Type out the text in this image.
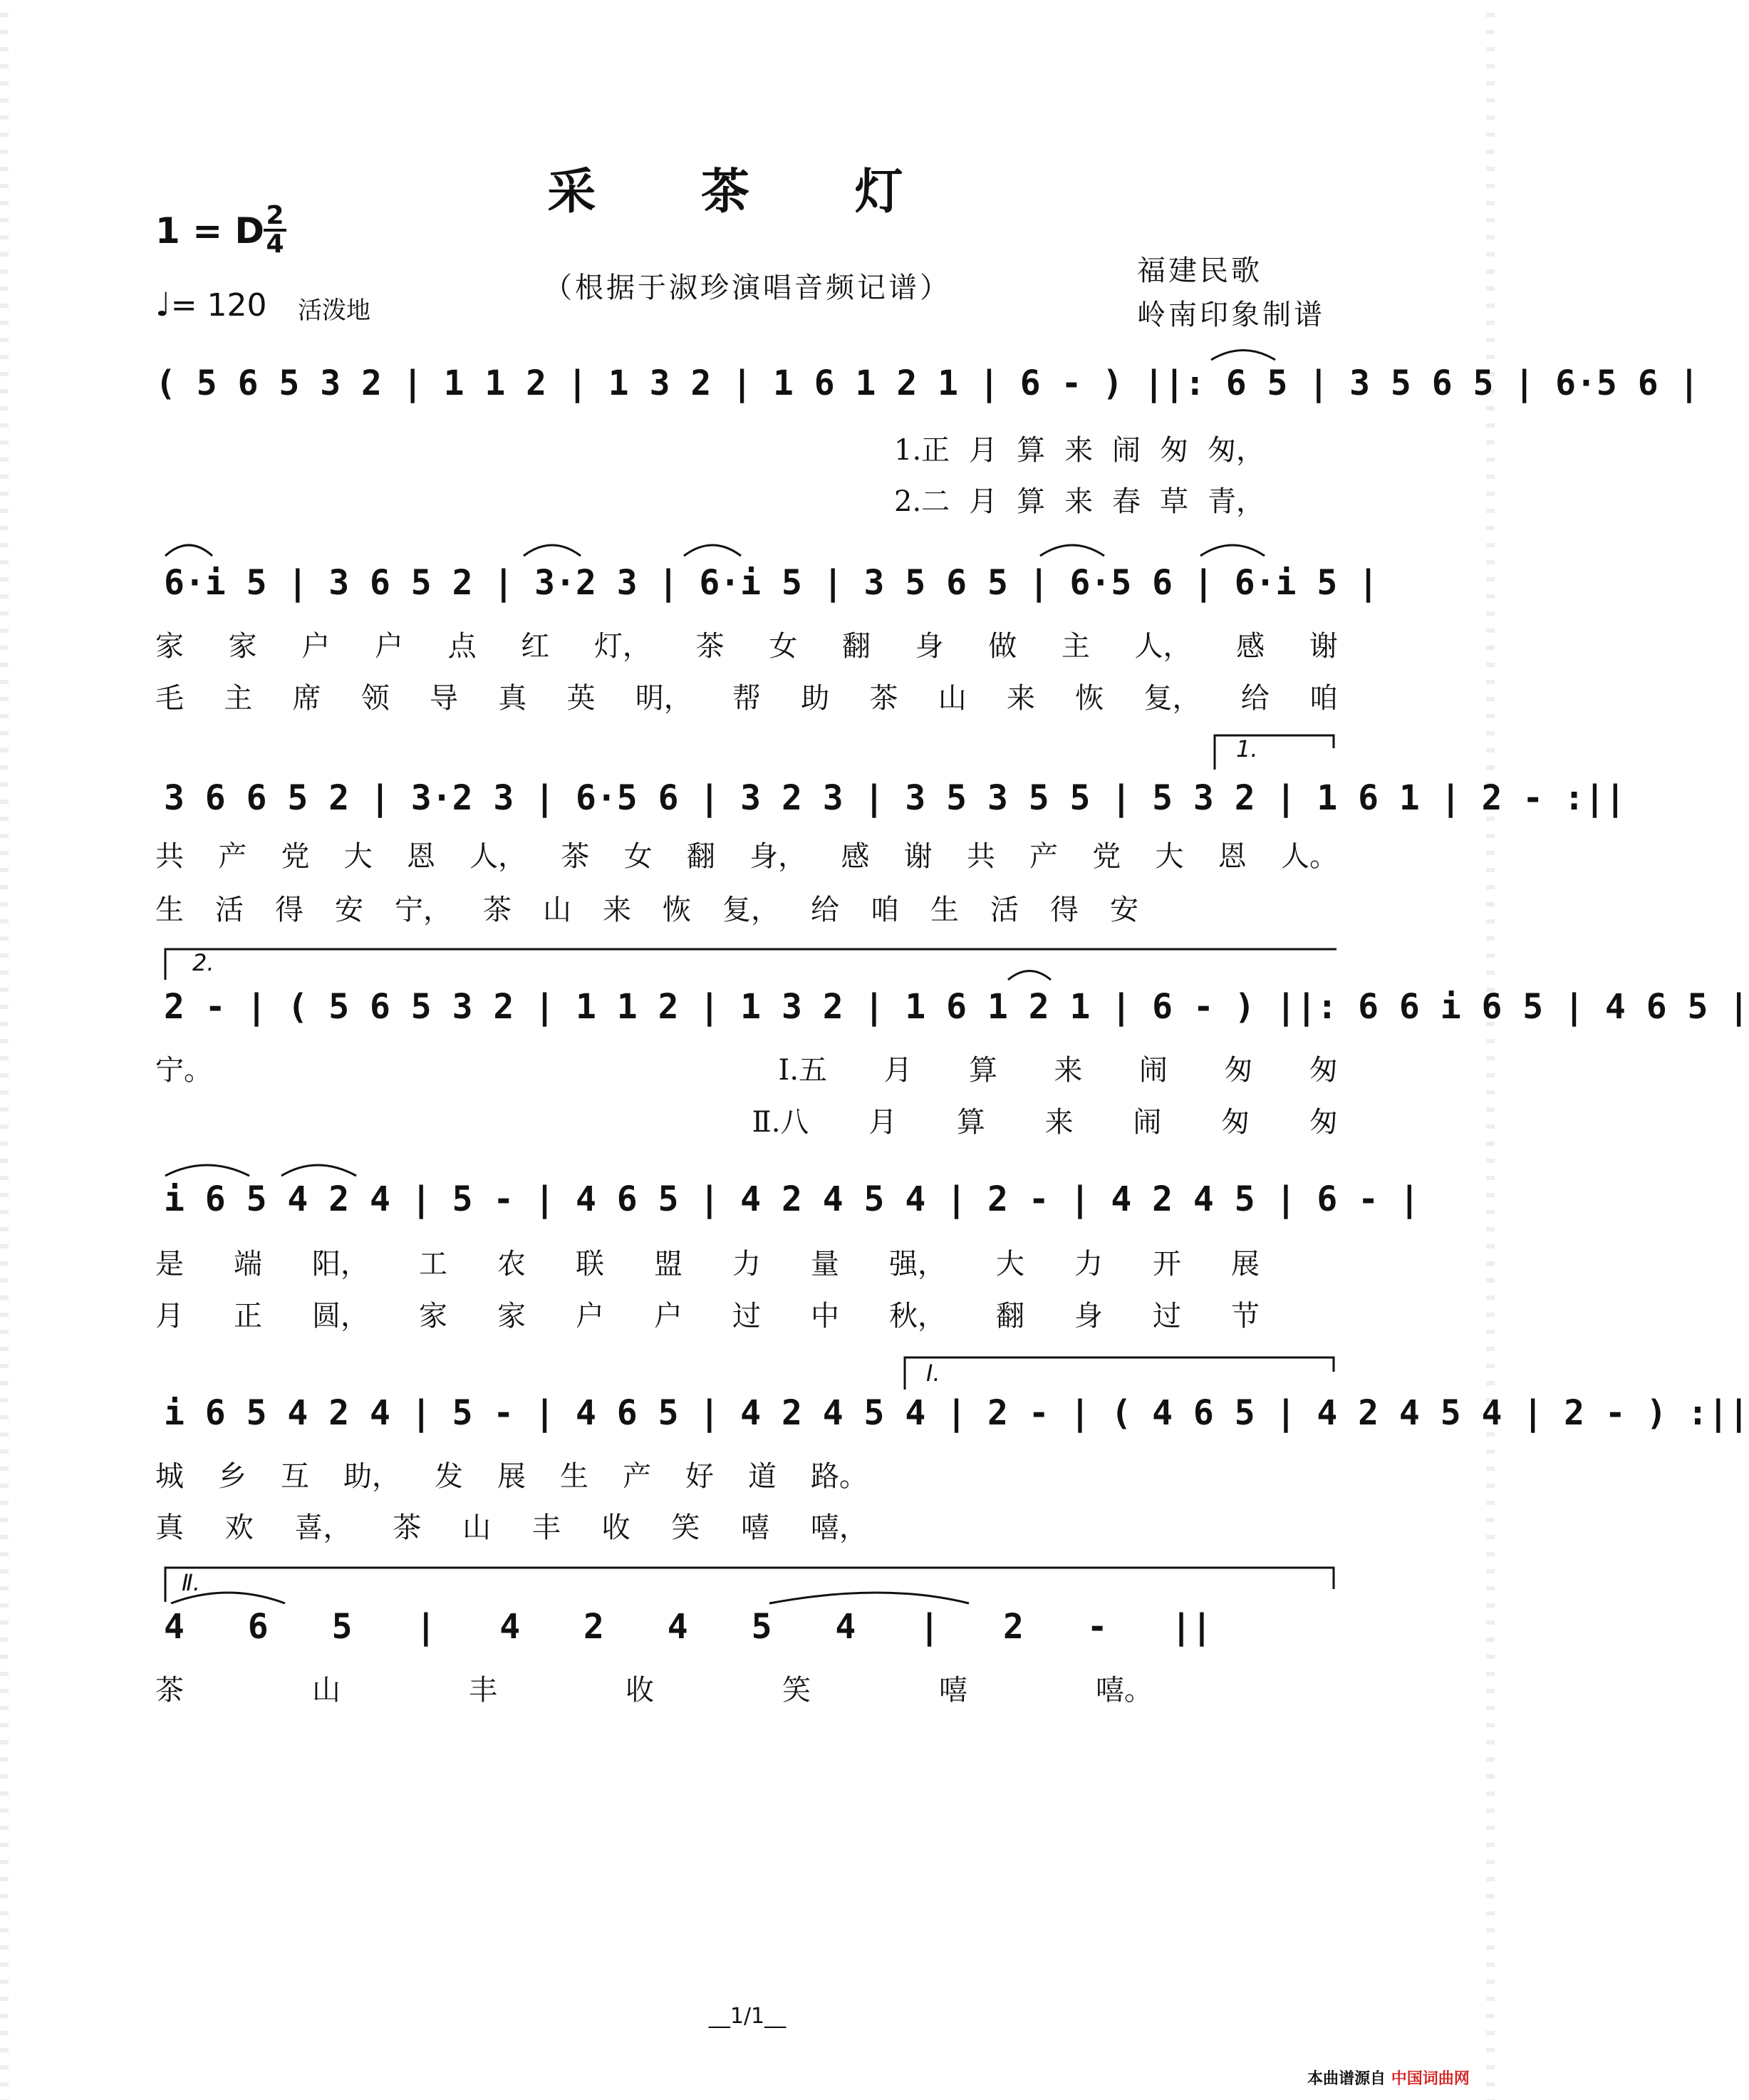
采 茶 灯
1 = D 2
4
♩= 120 活泼地
（根据于淑珍演唱音频记谱）
福建民歌
岭南印象制谱
( 5 6 5 3 2 | 1 1 2 | 1 3 2 | 1 6 1 2 1 | 6 - ) ||: 6 5 | 3 5 6 5 | 6·5 6 |
1.正 月 算 来 闹 匆 匆，
2.二 月 算 来 春 草 青，
6·i 5 | 3 6 5 2 | 3·2 3 | 6·i 5 | 3 5 6 5 | 6·5 6 | 6·i 5 |
家 家 户 户 点 红 灯， 茶 女 翻 身 做 主 人， 感 谢
毛 主 席 领 导 真 英 明， 帮 助 茶 山 来 恢 复， 给 咱
1.
3 6 6 5 2 | 3·2 3 | 6·5 6 | 3 2 3 | 3 5 3 5 5 | 5 3 2 | 1 6 1 | 2 - :||
共 产 党 大 恩 人， 茶 女 翻 身， 感 谢 共 产 党 大 恩 人。
生 活 得 安 宁， 茶 山 来 恢 复， 给 咱 生 活 得 安
2.
2 - | ( 5 6 5 3 2 | 1 1 2 | 1 3 2 | 1 6 1 2 1 | 6 - ) ||: 6 6 i 6 5 | 4 6 5 |
宁。	Ⅰ.五 月 算 来 闹 匆 匆
Ⅱ.八 月 算 来 闹 匆 匆
i 6 5 4 2 4 | 5 - | 4 6 5 | 4 2 4 5 4 | 2 - | 4 2 4 5 | 6 - |
是 端 阳， 工 农 联 盟 力 量 强， 大 力 开 展
月 正 圆， 家 家 户 户 过 中 秋， 翻 身 过 节
Ⅰ.
i 6 5 4 2 4 | 5 - | 4 6 5 | 4 2 4 5 4 | 2 - | ( 4 6 5 | 4 2 4 5 4 | 2 - ) :||
城 乡 互 助， 发 展 生 产 好 道 路。
真 欢 喜， 茶 山 丰 收 笑 嘻 嘻，
Ⅱ.
4 6 5 | 4 2 4 5 4 | 2 - ||
茶	山	丰	收	笑	嘻	嘻。
__1/1__
本曲谱源自 中国词曲网
